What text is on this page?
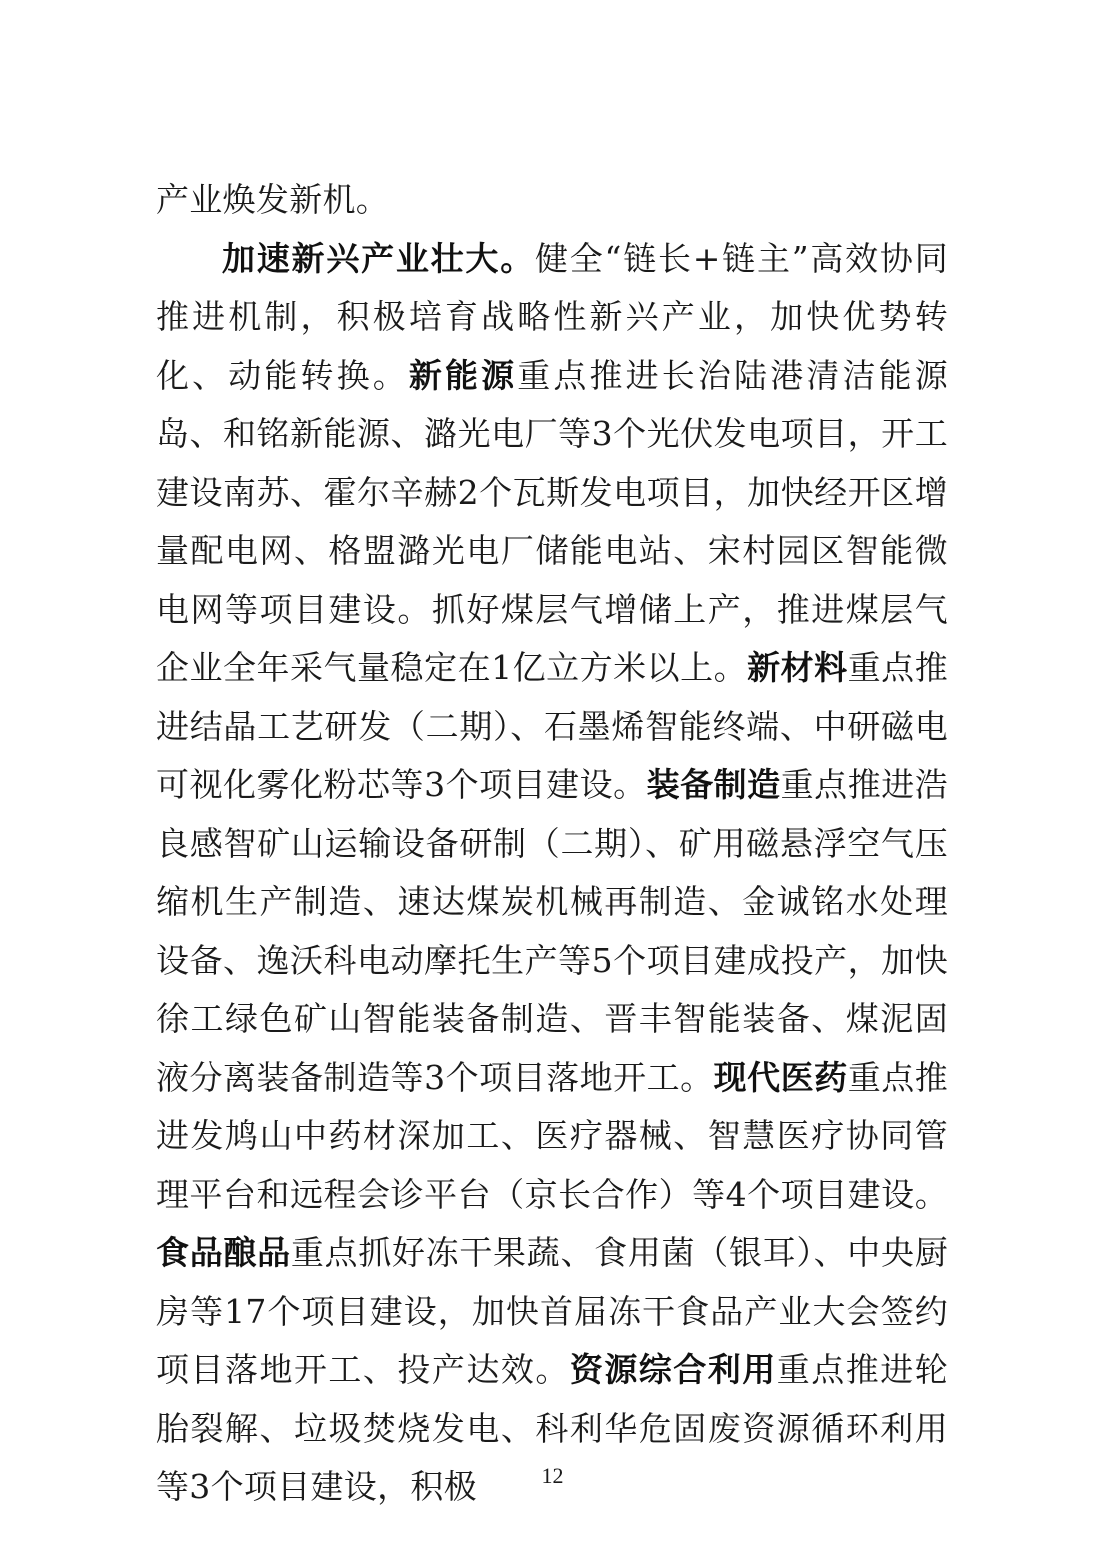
产业焕发新机。

加速新兴产业壮大。健全“链长+链主”高效协同推进机制，积极培育战略性新兴产业，加快优势转化、动能转换。新能源重点推进长治陆港清洁能源岛、和铭新能源、潞光电厂等3个光伏发电项目，开工建设南苏、霍尔辛赫2个瓦斯发电项目，加快经开区增量配电网、格盟潞光电厂储能电站、宋村园区智能微电网等项目建设。抓好煤层气增储上产，推进煤层气企业全年采气量稳定在1亿立方米以上。新材料重点推进结晶工艺研发（二期）、石墨烯智能终端、中研磁电可视化雾化粉芯等3个项目建设。装备制造重点推进浩良感智矿山运输设备研制（二期）、矿用磁悬浮空气压缩机生产制造、速达煤炭机械再制造、金诚铭水处理设备、逸沃科电动摩托生产等5个项目建成投产，加快徐工绿色矿山智能装备制造、晋丰智能装备、煤泥固液分离装备制造等3个项目落地开工。现代医药重点推进发鸠山中药材深加工、医疗器械、智慧医疗协同管理平台和远程会诊平台（京长合作）等4个项目建设。食品酿品重点抓好冻干果蔬、食用菌（银耳）、中央厨房等17个项目建设，加快首届冻干食品产业大会签约项目落地开工、投产达效。资源综合利用重点推进轮胎裂解、垃圾焚烧发电、科利华危固废资源循环利用等3个项目建设，积极	12
